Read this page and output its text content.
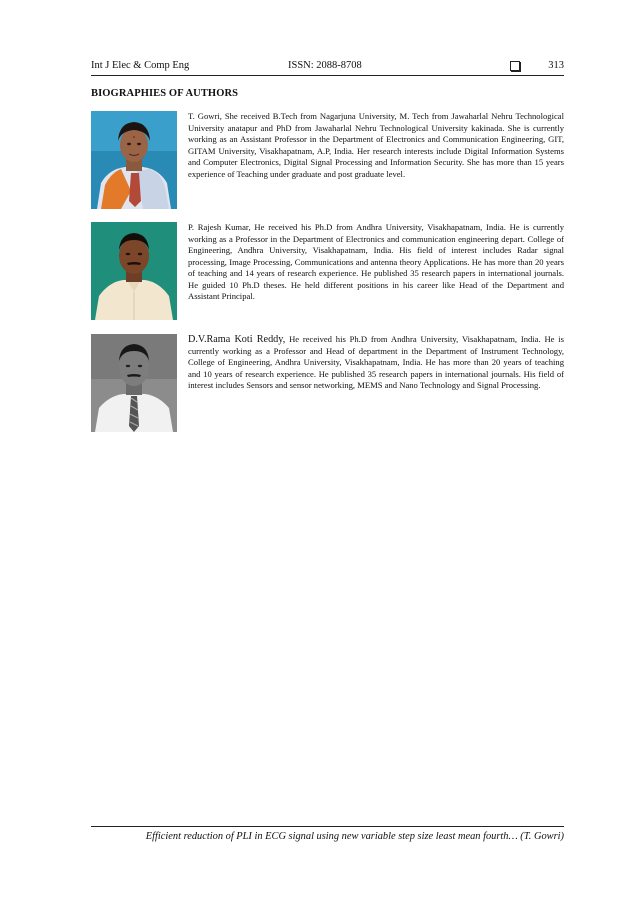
Int J Elec & Comp Eng	ISSN: 2088-8708	313
BIOGRAPHIES OF AUTHORS
T. Gowri, She received B.Tech from Nagarjuna University, M. Tech from Jawaharlal Nehru Technological University anatapur and PhD from Jawaharlal Nehru Technological University kakinada. She is currently working as an Assistant Professor in the Department of Electronics and Communication Engineering, GIT, GITAM University, Visakhapatnam, A.P, India. Her research interests include Digital Information Systems and Computer Electronics, Digital Signal Processing and Information Security. She has more than 15 years experience of Teaching under graduate and post graduate level.
P. Rajesh Kumar, He received his Ph.D from Andhra University, Visakhapatnam, India. He is currently working as a Professor in the Department of Electronics and communication engineering depart. College of Engineering, Andhra University, Visakhapatnam, India. His field of interest includes Radar signal processing, Image Processing, Communications and antenna theory Applications. He has more than 20 years of teaching and 14 years of research experience. He published 35 research papers in international journals. He guided 10 Ph.D theses. He held different positions in his career like Head of the Department and Assistant Principal.
D.V.Rama Koti Reddy, He received his Ph.D from Andhra University, Visakhapatnam, India. He is currently working as a Professor and Head of department in the Department of Instrument Technology, College of Engineering, Andhra University, Visakhapatnam, India. He has more than 20 years of teaching and 10 years of research experience. He published 35 research papers in international journals. His field of interest includes Sensors and sensor networking, MEMS and Nano Technology and Signal Processing.
Efficient reduction of PLI in ECG signal using new variable step size least mean fourth… (T. Gowri)
